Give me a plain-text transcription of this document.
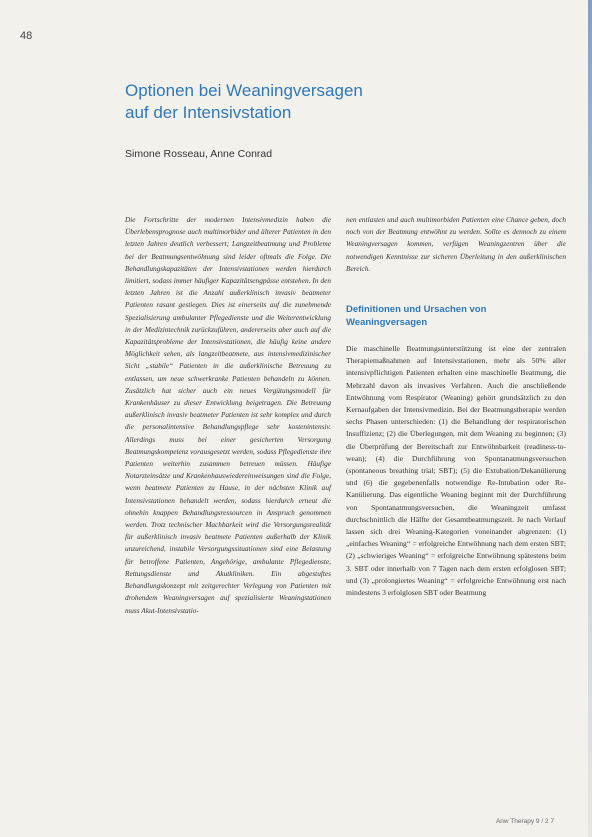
48
Optionen bei Weaningversagen
auf der Intensivstation
Simone Rosseau, Anne Conrad

Die Fortschritte der modernen Intensivmedizin haben die Überlebensprognose auch multimorbider und älterer Patienten in den letzten Jahren deutlich verbessert; Langzeitbeatmung und Probleme bei der Beatmungsentwöhnung sind leider oftmals die Folge. Die Behandlungskapazitäten der Intensivstationen werden hierdurch limitiert, sodass immer häufiger Kapazitätsengpässe entstehen. In den letzten Jahren ist die Anzahl außerklinisch invasiv beatmeter Patienten rasant gestiegen. Dies ist einerseits auf die zunehmende Spezialisierung ambulanter Pflegedienste und die Weiterentwicklung in der Medizintechnik zurückzuführen, andererseits aber auch auf die Kapazitätsprobleme der Intensivstationen, die häufig keine andere Möglichkeit sehen, als langzeitbeatmete, aus intensivmedizinischer Sicht „stabile“ Patienten in die außerklinische Betreuung zu entlassen, um neue schwerkranke Patienten behandeln zu können. Zusätzlich hat sicher auch ein neues Vergütungsmodell für Krankenhäuser zu dieser Entwicklung beigetragen. Die Betreuung außerklinisch invasiv beatmeter Patienten ist sehr komplex und durch die personalintensive Behandlungspflege sehr kostenintensiv. Allerdings muss bei einer gesicherten Versorgung Beatmungskompetenz vorausgesetzt werden, sodass Pflegedienste ihre Patienten weiterhin zusammen betreuen müssen. Häufige Notarzteinsätze und Krankenhauswiedereinweisungen sind die Folge, wenn beatmete Patienten zu Hause, in der nächsten Klinik auf Intensivstationen behandelt werden, sodass hierdurch erneut die ohnehin knappen Behandlungsressourcen in Anspruch genommen werden. Trotz technischer Machbarkeit wird die Versorgungsrealität für außerklinisch invasiv beatmete Patienten außerhalb der Klinik unzureichend, instabile Versorgungssituationen sind eine Belastung für betroffene Patienten, Angehörige, ambulante Pflegedienste, Rettungsdienste und Akutkliniken. Ein abgestuftes Behandlungskonzept mit zeitgerechter Verlegung von Patienten mit drohendem Weaningversagen auf spezialisierte Weaningstationen muss Akut-Intensivstatio-

nen entlasten und auch multimorbiden Patienten eine Chance geben, doch noch von der Beatmung entwöhnt zu werden. Sollte es dennoch zu einem Weaningversagen kommen, verfügen Weaningzentren über die notwendigen Kenntnisse zur sicheren Überleitung in den außerklinischen Bereich.

Definitionen und Ursachen von
Weaningversagen

Die maschinelle Beatmungsunterstützung ist eine der zentralen Therapiemaßnahmen auf Intensivstationen, mehr als 50% aller intensivpflichtigen Patienten erhalten eine maschinelle Beatmung, die Mehrzahl davon als invasives Verfahren. Auch die anschließende Entwöhnung vom Respirator (Weaning) gehört grundsätzlich zu den Kernaufgaben der Intensivmedizin. Bei der Beatmungstherapie werden sechs Phasen unterschieden: (1) die Behandlung der respiratorischen Insuffizienz; (2) die Überlegungen, mit dem Weaning zu beginnen; (3) die Überprüfung der Bereitschaft zur Entwöhnbarkeit (readiness-to-wean); (4) die Durchführung von Spontanatmungsversuchen (spontaneous breathing trial; SBT); (5) die Extubation/Dekanülierung und (6) die gegebenenfalls notwendige Re-Intubation oder Re-Kanülierung. Das eigentliche Weaning beginnt mit der Durchführung von Spontanatmungsversuchen, die Weaningzeit umfasst durchschnittlich die Hälfte der Gesamtbeatmungszeit. Je nach Verlauf lassen sich drei Weaning-Kategorien voneinander abgrenzen: (1) „einfaches Weaning“ = erfolgreiche Entwöhnung nach dem ersten SBT; (2) „schwieriges Weaning“ = erfolgreiche Entwöhnung spätestens beim 3. SBT oder innerhalb von 7 Tagen nach dem ersten erfolglosen SBT; und (3) „prolongiertes Weaning“ = erfolgreiche Entwöhnung erst nach mindestens 3 erfolglosen SBT oder Beatmung

Anw Therapy 9 / 2 7
